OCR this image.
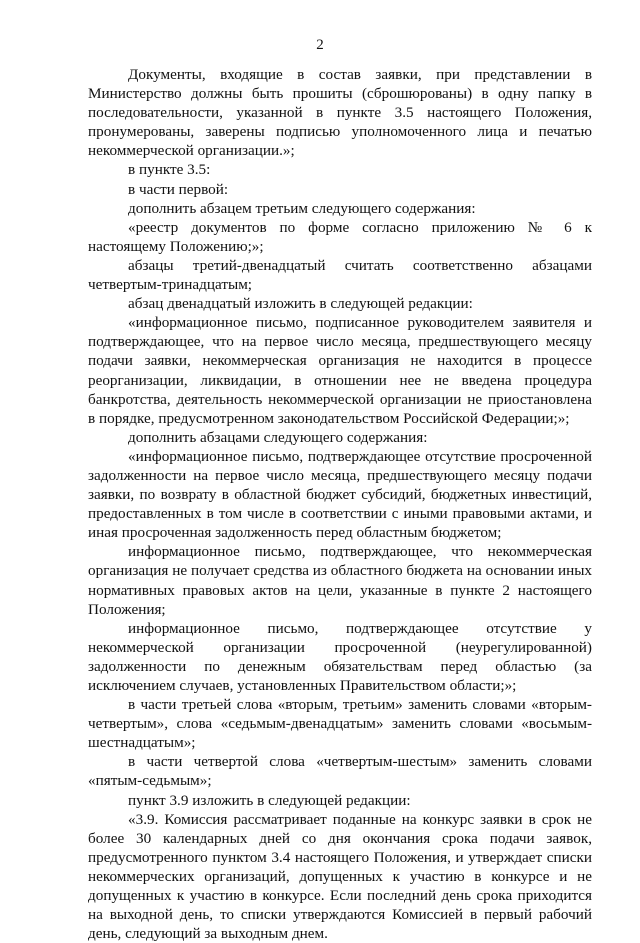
2

Документы, входящие в состав заявки, при представлении в Министерство должны быть прошиты (сброшюрованы) в одну папку в последовательности, указанной в пункте 3.5 настоящего Положения, пронумерованы, заверены подписью уполномоченного лица и печатью некоммерческой организации.»;

в пункте 3.5:

в части первой:

дополнить абзацем третьим следующего содержания:

«реестр документов по форме согласно приложению № 6 к настоящему Положению;»;

абзацы третий-двенадцатый считать соответственно абзацами четвертым-тринадцатым;

абзац двенадцатый изложить в следующей редакции:

«информационное письмо, подписанное руководителем заявителя и подтверждающее, что на первое число месяца, предшествующего месяцу подачи заявки, некоммерческая организация не находится в процессе реорганизации, ликвидации, в отношении нее не введена процедура банкротства, деятельность некоммерческой организации не приостановлена в порядке, предусмотренном законодательством Российской Федерации;»;

дополнить абзацами следующего содержания:

«информационное письмо, подтверждающее отсутствие просроченной задолженности на первое число месяца, предшествующего месяцу подачи заявки, по возврату в областной бюджет субсидий, бюджетных инвестиций, предоставленных в том числе в соответствии с иными правовыми актами, и иная просроченная задолженность перед областным бюджетом;

информационное письмо, подтверждающее, что некоммерческая организация не получает средства из областного бюджета на основании иных нормативных правовых актов на цели, указанные в пункте 2 настоящего Положения;

информационное письмо, подтверждающее отсутствие у некоммерческой организации просроченной (неурегулированной) задолженности по денежным обязательствам перед областью (за исключением случаев, установленных Правительством области;»;

в части третьей слова «вторым, третьим» заменить словами «вторым-четвертым», слова «седьмым-двенадцатым» заменить словами «восьмым-шестнадцатым»;

в части четвертой слова «четвертым-шестым» заменить словами «пятым-седьмым»;

пункт 3.9 изложить в следующей редакции:

«3.9. Комиссия рассматривает поданные на конкурс заявки в срок не более 30 календарных дней со дня окончания срока подачи заявок, предусмотренного пунктом 3.4 настоящего Положения, и утверждает списки некоммерческих организаций, допущенных к участию в конкурсе и не допущенных к участию в конкурсе. Если последний день срока приходится на выходной день, то списки утверждаются Комиссией в первый рабочий день, следующий за выходным днем.
